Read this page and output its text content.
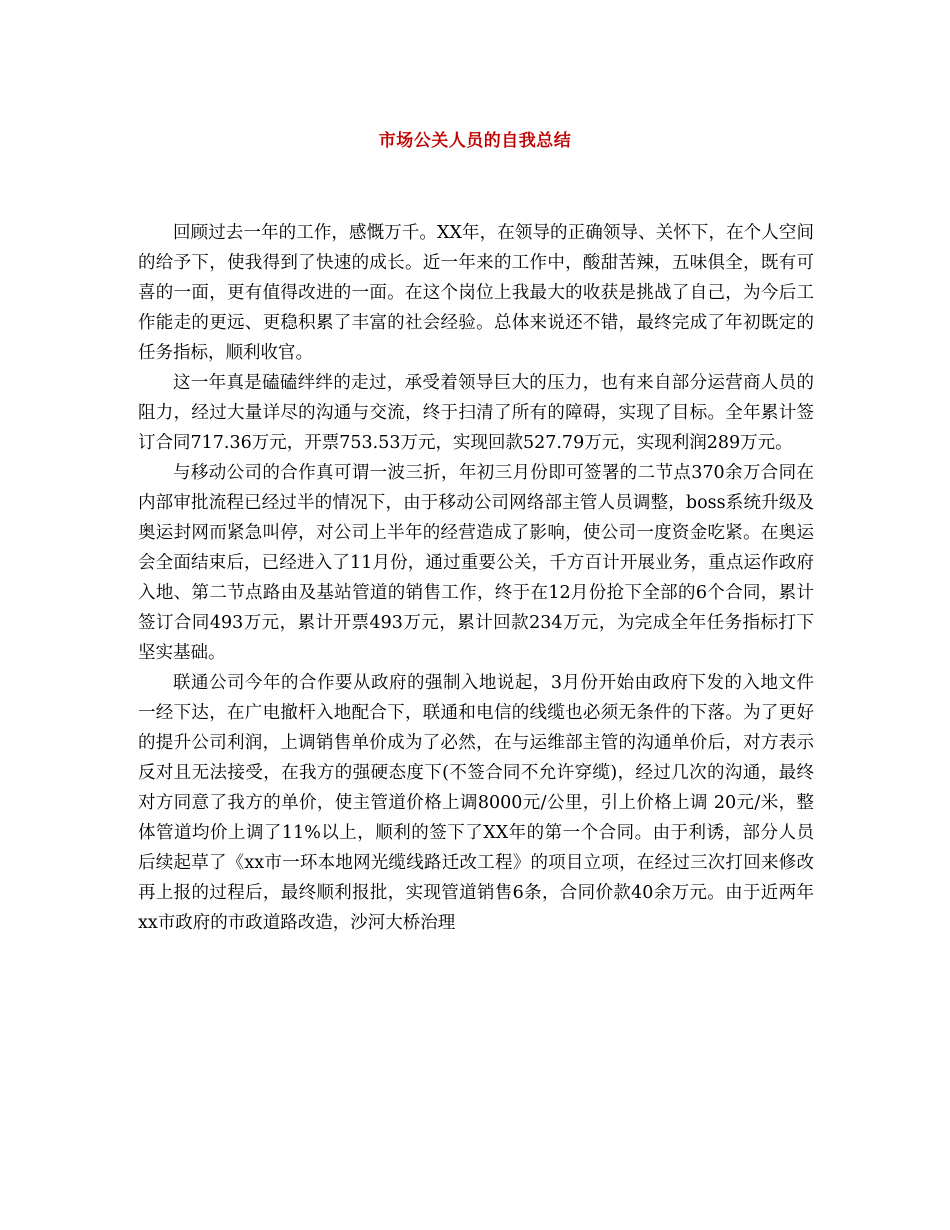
市场公关人员的自我总结

回顾过去一年的工作，感慨万千。XX年，在领导的正确领导、关怀下，在个人空间的给予下，使我得到了快速的成长。近一年来的工作中，酸甜苦辣，五味俱全，既有可喜的一面，更有值得改进的一面。在这个岗位上我最大的收获是挑战了自己，为今后工作能走的更远、更稳积累了丰富的社会经验。总体来说还不错，最终完成了年初既定的任务指标，顺利收官。

这一年真是磕磕绊绊的走过，承受着领导巨大的压力，也有来自部分运营商人员的阻力，经过大量详尽的沟通与交流，终于扫清了所有的障碍，实现了目标。全年累计签订合同717.36万元，开票753.53万元，实现回款527.79万元，实现利润289万元。

与移动公司的合作真可谓一波三折，年初三月份即可签署的二节点370余万合同在内部审批流程已经过半的情况下，由于移动公司网络部主管人员调整，boss系统升级及奥运封网而紧急叫停，对公司上半年的经营造成了影响，使公司一度资金吃紧。在奥运会全面结束后，已经进入了11月份，通过重要公关，千方百计开展业务，重点运作政府入地、第二节点路由及基站管道的销售工作，终于在12月份抢下全部的6个合同，累计签订合同493万元，累计开票493万元，累计回款234万元，为完成全年任务指标打下坚实基础。

联通公司今年的合作要从政府的强制入地说起，3月份开始由政府下发的入地文件一经下达，在广电撤杆入地配合下，联通和电信的线缆也必须无条件的下落。为了更好的提升公司利润，上调销售单价成为了必然，在与运维部主管的沟通单价后，对方表示反对且无法接受，在我方的强硬态度下(不签合同不允许穿缆)，经过几次的沟通，最终对方同意了我方的单价，使主管道价格上调8000元/公里，引上价格上调 20元/米，整体管道均价上调了11%以上，顺利的签下了XX年的第一个合同。由于利诱，部分人员后续起草了《xx市一环本地网光缆线路迁改工程》的项目立项，在经过三次打回来修改再上报的过程后，最终顺利报批，实现管道销售6条，合同价款40余万元。由于近两年xx市政府的市政道路改造，沙河大桥治理
